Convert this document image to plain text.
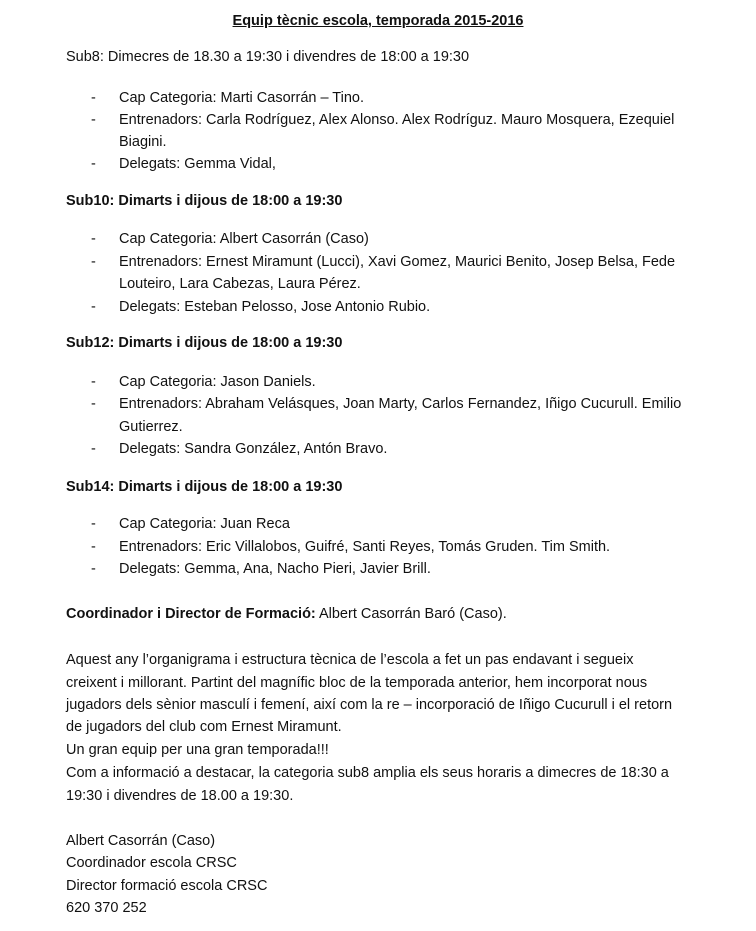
Equip tècnic escola, temporada 2015-2016
Sub8: Dimecres de 18.30 a 19:30 i divendres de 18:00 a 19:30
- Cap Categoria: Marti Casorrán – Tino.
- Entrenadors: Carla Rodríguez, Alex Alonso. Alex Rodríguz. Mauro Mosquera, Ezequiel
Biagini.
- Delegats: Gemma Vidal,
Sub10: Dimarts i dijous de 18:00 a 19:30
- Cap Categoria: Albert Casorrán (Caso)
- Entrenadors: Ernest Miramunt (Lucci), Xavi Gomez, Maurici Benito, Josep Belsa, Fede
Louteiro, Lara Cabezas, Laura Pérez.
- Delegats: Esteban Pelosso, Jose Antonio Rubio.
Sub12: Dimarts i dijous de 18:00 a 19:30
- Cap Categoria: Jason Daniels.
- Entrenadors: Abraham Velásques, Joan Marty, Carlos Fernandez, Iñigo Cucurull. Emilio
Gutierrez.
- Delegats: Sandra González, Antón Bravo.
Sub14: Dimarts i dijous de 18:00 a 19:30
- Cap Categoria: Juan Reca
- Entrenadors: Eric Villalobos, Guifré, Santi Reyes, Tomás Gruden. Tim Smith.
- Delegats: Gemma, Ana, Nacho Pieri, Javier Brill.
Coordinador i Director de Formació: Albert Casorrán Baró (Caso).
Aquest any l’organigrama i estructura tècnica de l’escola a fet un pas endavant i segueix
creixent i millorant. Partint del magnífic bloc de la temporada anterior, hem incorporat nous
jugadors dels sènior masculí i femení, així com la re – incorporació de Iñigo Cucurull i el retorn
de jugadors del club com Ernest Miramunt.
Un gran equip per una gran temporada!!!
Com a informació a destacar, la categoria sub8 amplia els seus horaris a dimecres de 18:30 a
19:30 i divendres de 18.00 a 19:30.
Albert Casorrán (Caso)
Coordinador escola CRSC
Director formació escola CRSC
620 370 252
